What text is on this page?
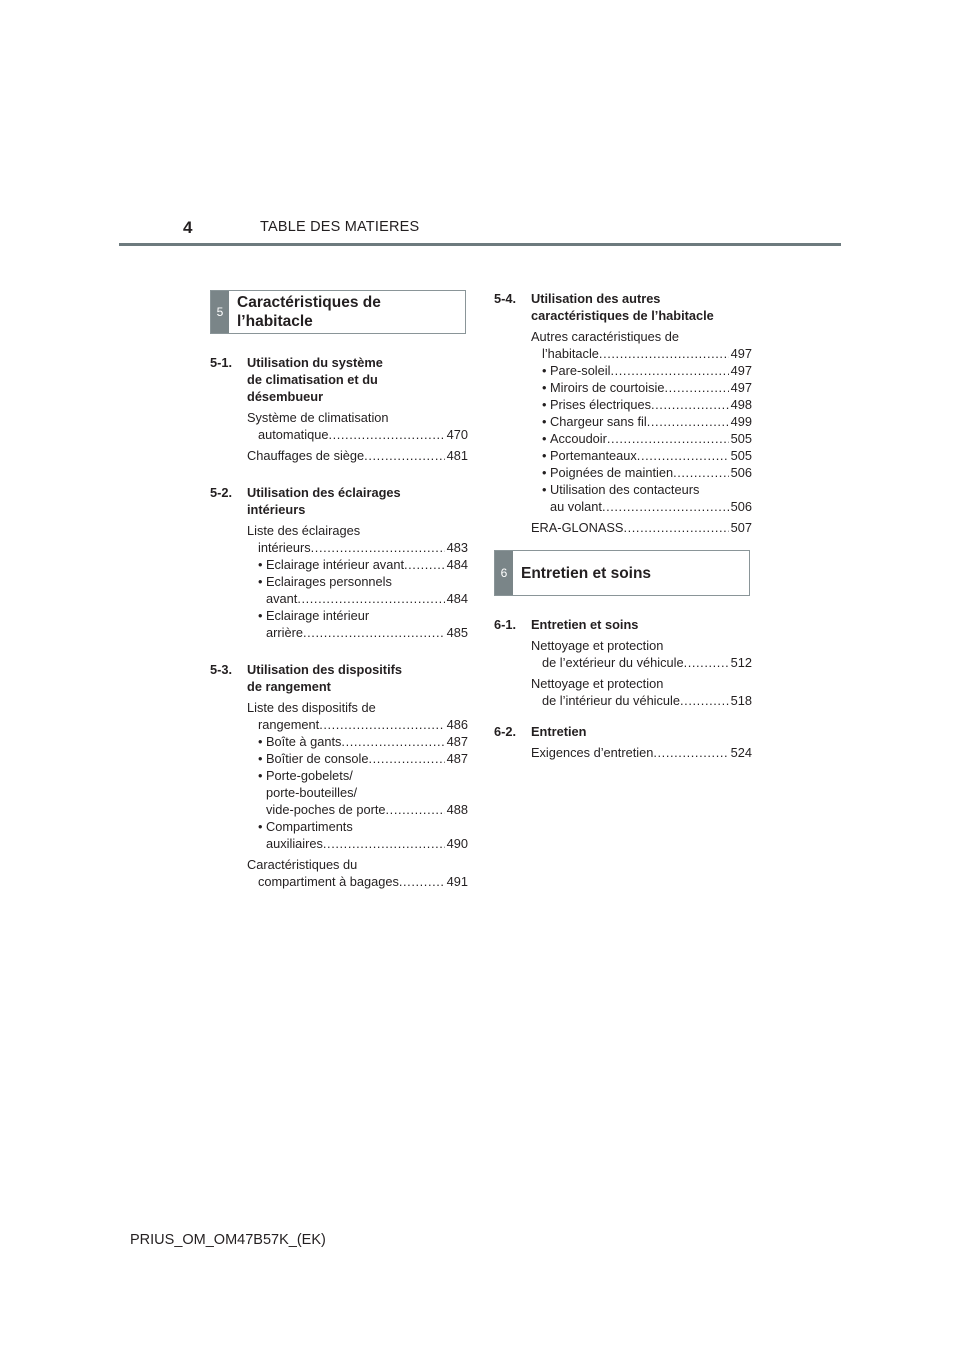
4	TABLE DES MATIERES
5
Caractéristiques de
l’habitacle
5-1.	Utilisation du système
de climatisation et du
désembueur
Système de climatisation
automatique .....	470
Chauffages de siège .....	481
5-2.	Utilisation des éclairages
intérieurs
Liste des éclairages
intérieurs .....	483
• Eclairage intérieur avant .....	484
• Eclairages personnels
avant .....	484
• Eclairage intérieur
arrière .....	485
5-3.	Utilisation des dispositifs
de rangement
Liste des dispositifs de
rangement .....	486
• Boîte à gants .....	487
• Boîtier de console .....	487
• Porte-gobelets/
porte-bouteilles/
vide-poches de porte .....	488
• Compartiments
auxiliaires .....	490
Caractéristiques du
compartiment à bagages .....	491
5-4.	Utilisation des autres
caractéristiques de l’habitacle
Autres caractéristiques de
l’habitacle .....	497
• Pare-soleil .....	497
• Miroirs de courtoisie .....	497
• Prises électriques .....	498
• Chargeur sans fil .....	499
• Accoudoir .....	505
• Portemanteaux .....	505
• Poignées de maintien .....	506
• Utilisation des contacteurs
au volant .....	506
ERA-GLONASS .....	507
6 Entretien et soins
6-1.	Entretien et soins
Nettoyage et protection
de l’extérieur du véhicule .....	512
Nettoyage et protection
de l’intérieur du véhicule .....	518
6-2.	Entretien
Exigences d’entretien .....	524
PRIUS_OM_OM47B57K_(EK)
